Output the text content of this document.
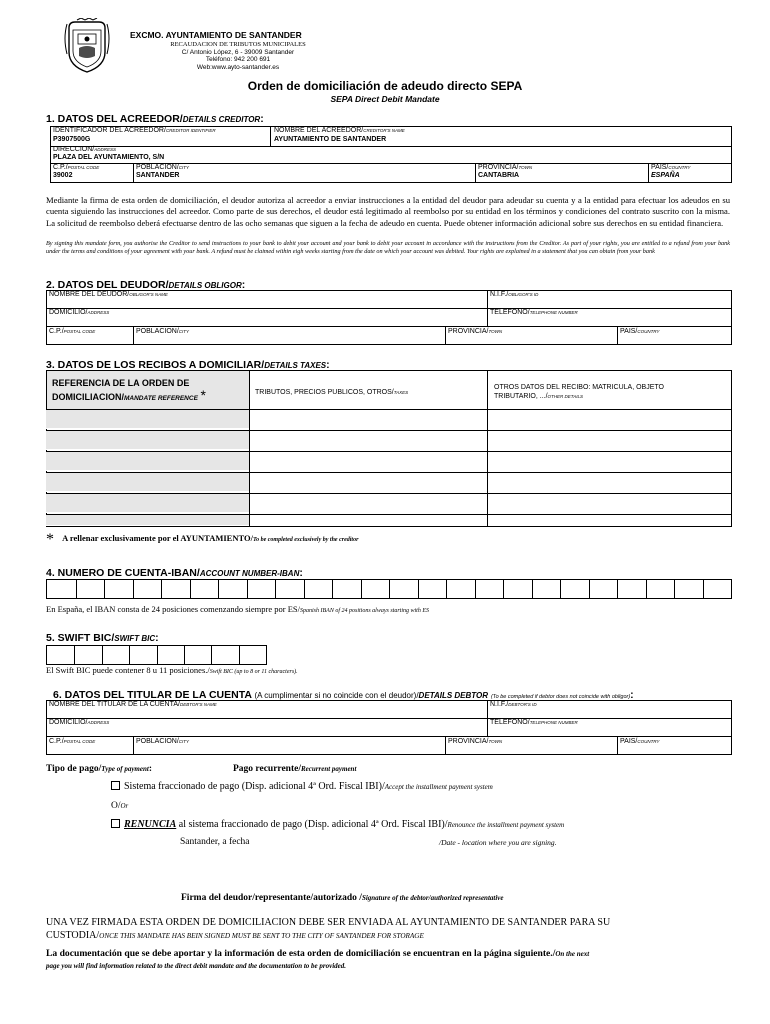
EXCMO. AYUNTAMIENTO DE SANTANDER
RECAUDACION DE TRIBUTOS MUNICIPALES
C/ Antonio López, 6 - 39009 Santander
Teléfono: 942 200 691
Web:www.ayto-santander.es
Orden de domiciliación de adeudo directo SEPA
SEPA Direct Debit Mandate
1. DATOS DEL ACREEDOR/DETAILS CREDITOR:
IDENTIFICADOR DEL ACREEDOR/CREDITOR IDENTIFIER
P3907500G
NOMBRE DEL ACREEDOR/CREDITOR'S NAME
AYUNTAMIENTO DE SANTANDER
DIRECCION/ADDRESS
PLAZA DEL AYUNTAMIENTO, S/N
C.P./POSTAL CODE
39002
POBLACION/CITY
SANTANDER
PROVINCIA/TOWN
CANTABRIA
PAIS/COUNTRY
ESPAÑA
Mediante la firma de esta orden de domiciliación, el deudor autoriza al acreedor a enviar instrucciones a la entidad del deudor para adeudar su cuenta y a la entidad para efectuar los adeudos en su cuenta siguiendo las instrucciones del acreedor. Como parte de sus derechos, el deudor está legitimado al reembolso por su entidad en los términos y condiciones del contrato suscrito con la misma. La solicitud de reembolso deberá efectuarse dentro de las ocho semanas que siguen a la fecha de adeudo en cuenta. Puede obtener información adicional sobre sus derechos en su entidad financiera.
By signing this mandate form, you authorise the Creditor to send instructions to your bank to debit your account and your bank to debit your account in accordance with the instructions from the Creditor. As part of your rights, you are entitled to a refund from your bank under the terms and conditions of your agreement with your bank. A refund must be claimed within eigh weeks starting from the date on which your account was debited. Your rights are explained in a statement that you can obtain from your bank
2. DATOS DEL DEUDOR/DETAILS OBLIGOR:
NOMBRE DEL DEUDOR/OBLIGOR'S NAME	N.I.F./OBLIGOR'S ID
DOMICILIO/ADDRESS	TELEFONO/TELEPHONE NUMBER
C.P./POSTAL CODE	POBLACION/CITY	PROVINCIA/TOWN	PAIS/COUNTRY
3. DATOS DE LOS RECIBOS A DOMICILIAR/DETAILS TAXES:
REFERENCIA DE LA ORDEN DE
DOMICILIACION/MANDATE REFERENCE *	TRIBUTOS, PRECIOS PUBLICOS, OTROS/TAXES
OTROS DATOS DEL RECIBO: MATRICULA, OBJETO
TRIBUTARIO, .../OTHER DETAILS
* A rellenar exclusivamente por el AYUNTAMIENTO/To be completed exclusively by the creditor
4. NUMERO DE CUENTA-IBAN/ACCOUNT NUMBER-IBAN:
En España, el IBAN consta de 24 posiciones comenzando siempre por ES/Spanish IBAN of 24 positions always starting with ES
5. SWIFT BIC/SWIFT BIC:
El Swift BIC puede contener 8 u 11 posiciones./Swift BIC (up to 8 or 11 characters).
6. DATOS DEL TITULAR DE LA CUENTA (A cumplimentar si no coincide con el deudor)/DETAILS DEBTOR (To be completed if debtor does not coincide with obligor):
NOMBRE DEL TITULAR DE LA CUENTA/DEBTOR'S NAME	N.I.F./DEBTOR'S ID
DOMICILIO/ADDRESS	TELEFONO/TELEPHONE NUMBER
C.P./POSTAL CODE	POBLACION/CITY	PROVINCIA/TOWN	PAIS/COUNTRY
Tipo de pago/Type of payment:	Pago recurrente/Recurrent payment
Sistema fraccionado de pago (Disp. adicional 4ª Ord. Fiscal IBI)/Accept the installment payment system
O/Or
RENUNCIA al sistema fraccionado de pago (Disp. adicional 4ª Ord. Fiscal IBI)/Renounce the installment payment system
Santander, a fecha	/Date - location where you are signing.
Firma del deudor/representante/autorizado /Signature of the debtor/authorized representative
UNA VEZ FIRMADA ESTA ORDEN DE DOMICILIACION DEBE SER ENVIADA AL AYUNTAMIENTO DE SANTANDER PARA SU
CUSTODIA/ONCE THIS MANDATE HAS BEIN SIGNED MUST BE SENT TO THE CITY OF SANTANDER FOR STORAGE
La documentación que se debe aportar y la información de esta orden de domiciliación se encuentran en la página siguiente./On the next
page you will find information related to the direct debit mandate and the documentation to be provided.
